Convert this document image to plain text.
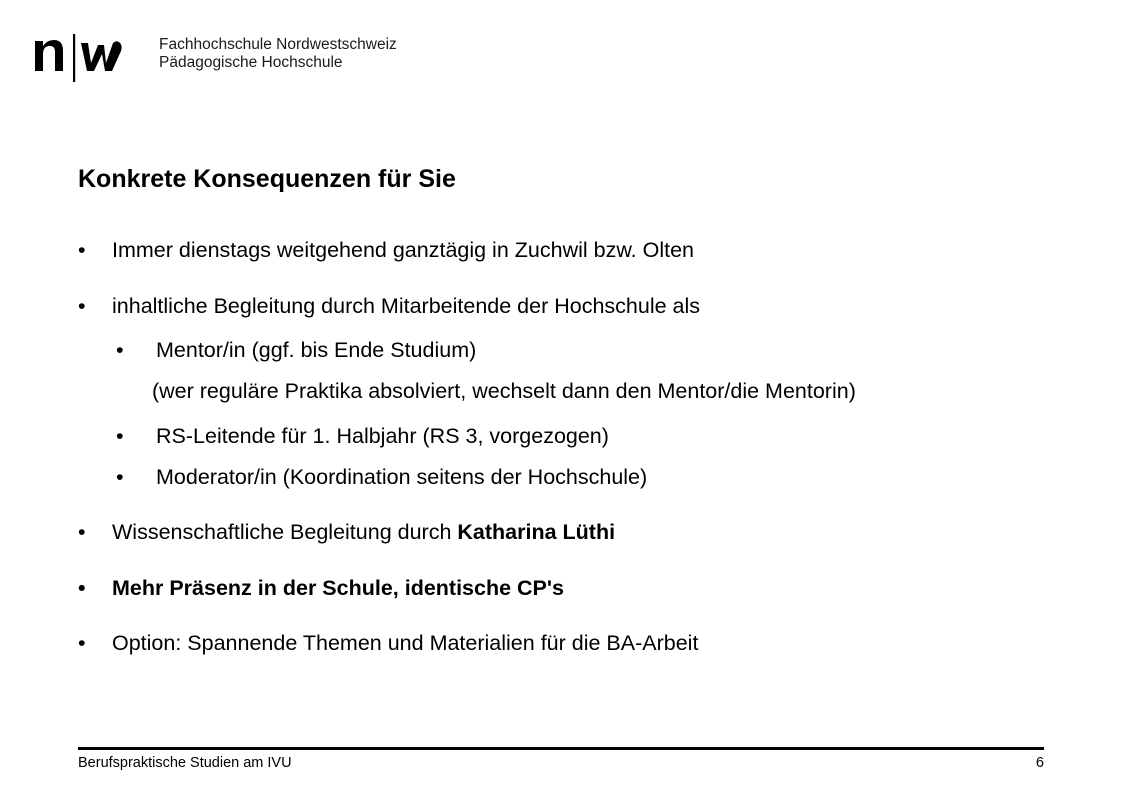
Fachhochschule Nordwestschweiz
Pädagogische Hochschule
Konkrete Konsequenzen für Sie
• Immer dienstags weitgehend ganztägig in Zuchwil bzw. Olten
• inhaltliche Begleitung durch Mitarbeitende der Hochschule als
• Mentor/in (ggf. bis Ende Studium)
(wer reguläre Praktika absolviert, wechselt dann den Mentor/die Mentorin)
• RS-Leitende für 1. Halbjahr (RS 3, vorgezogen)
• Moderator/in (Koordination seitens der Hochschule)
• Wissenschaftliche Begleitung durch Katharina Lüthi
• Mehr Präsenz in der Schule, identische CP's
• Option: Spannende Themen und Materialien für die BA-Arbeit
Berufspraktische Studien am IVU	6
